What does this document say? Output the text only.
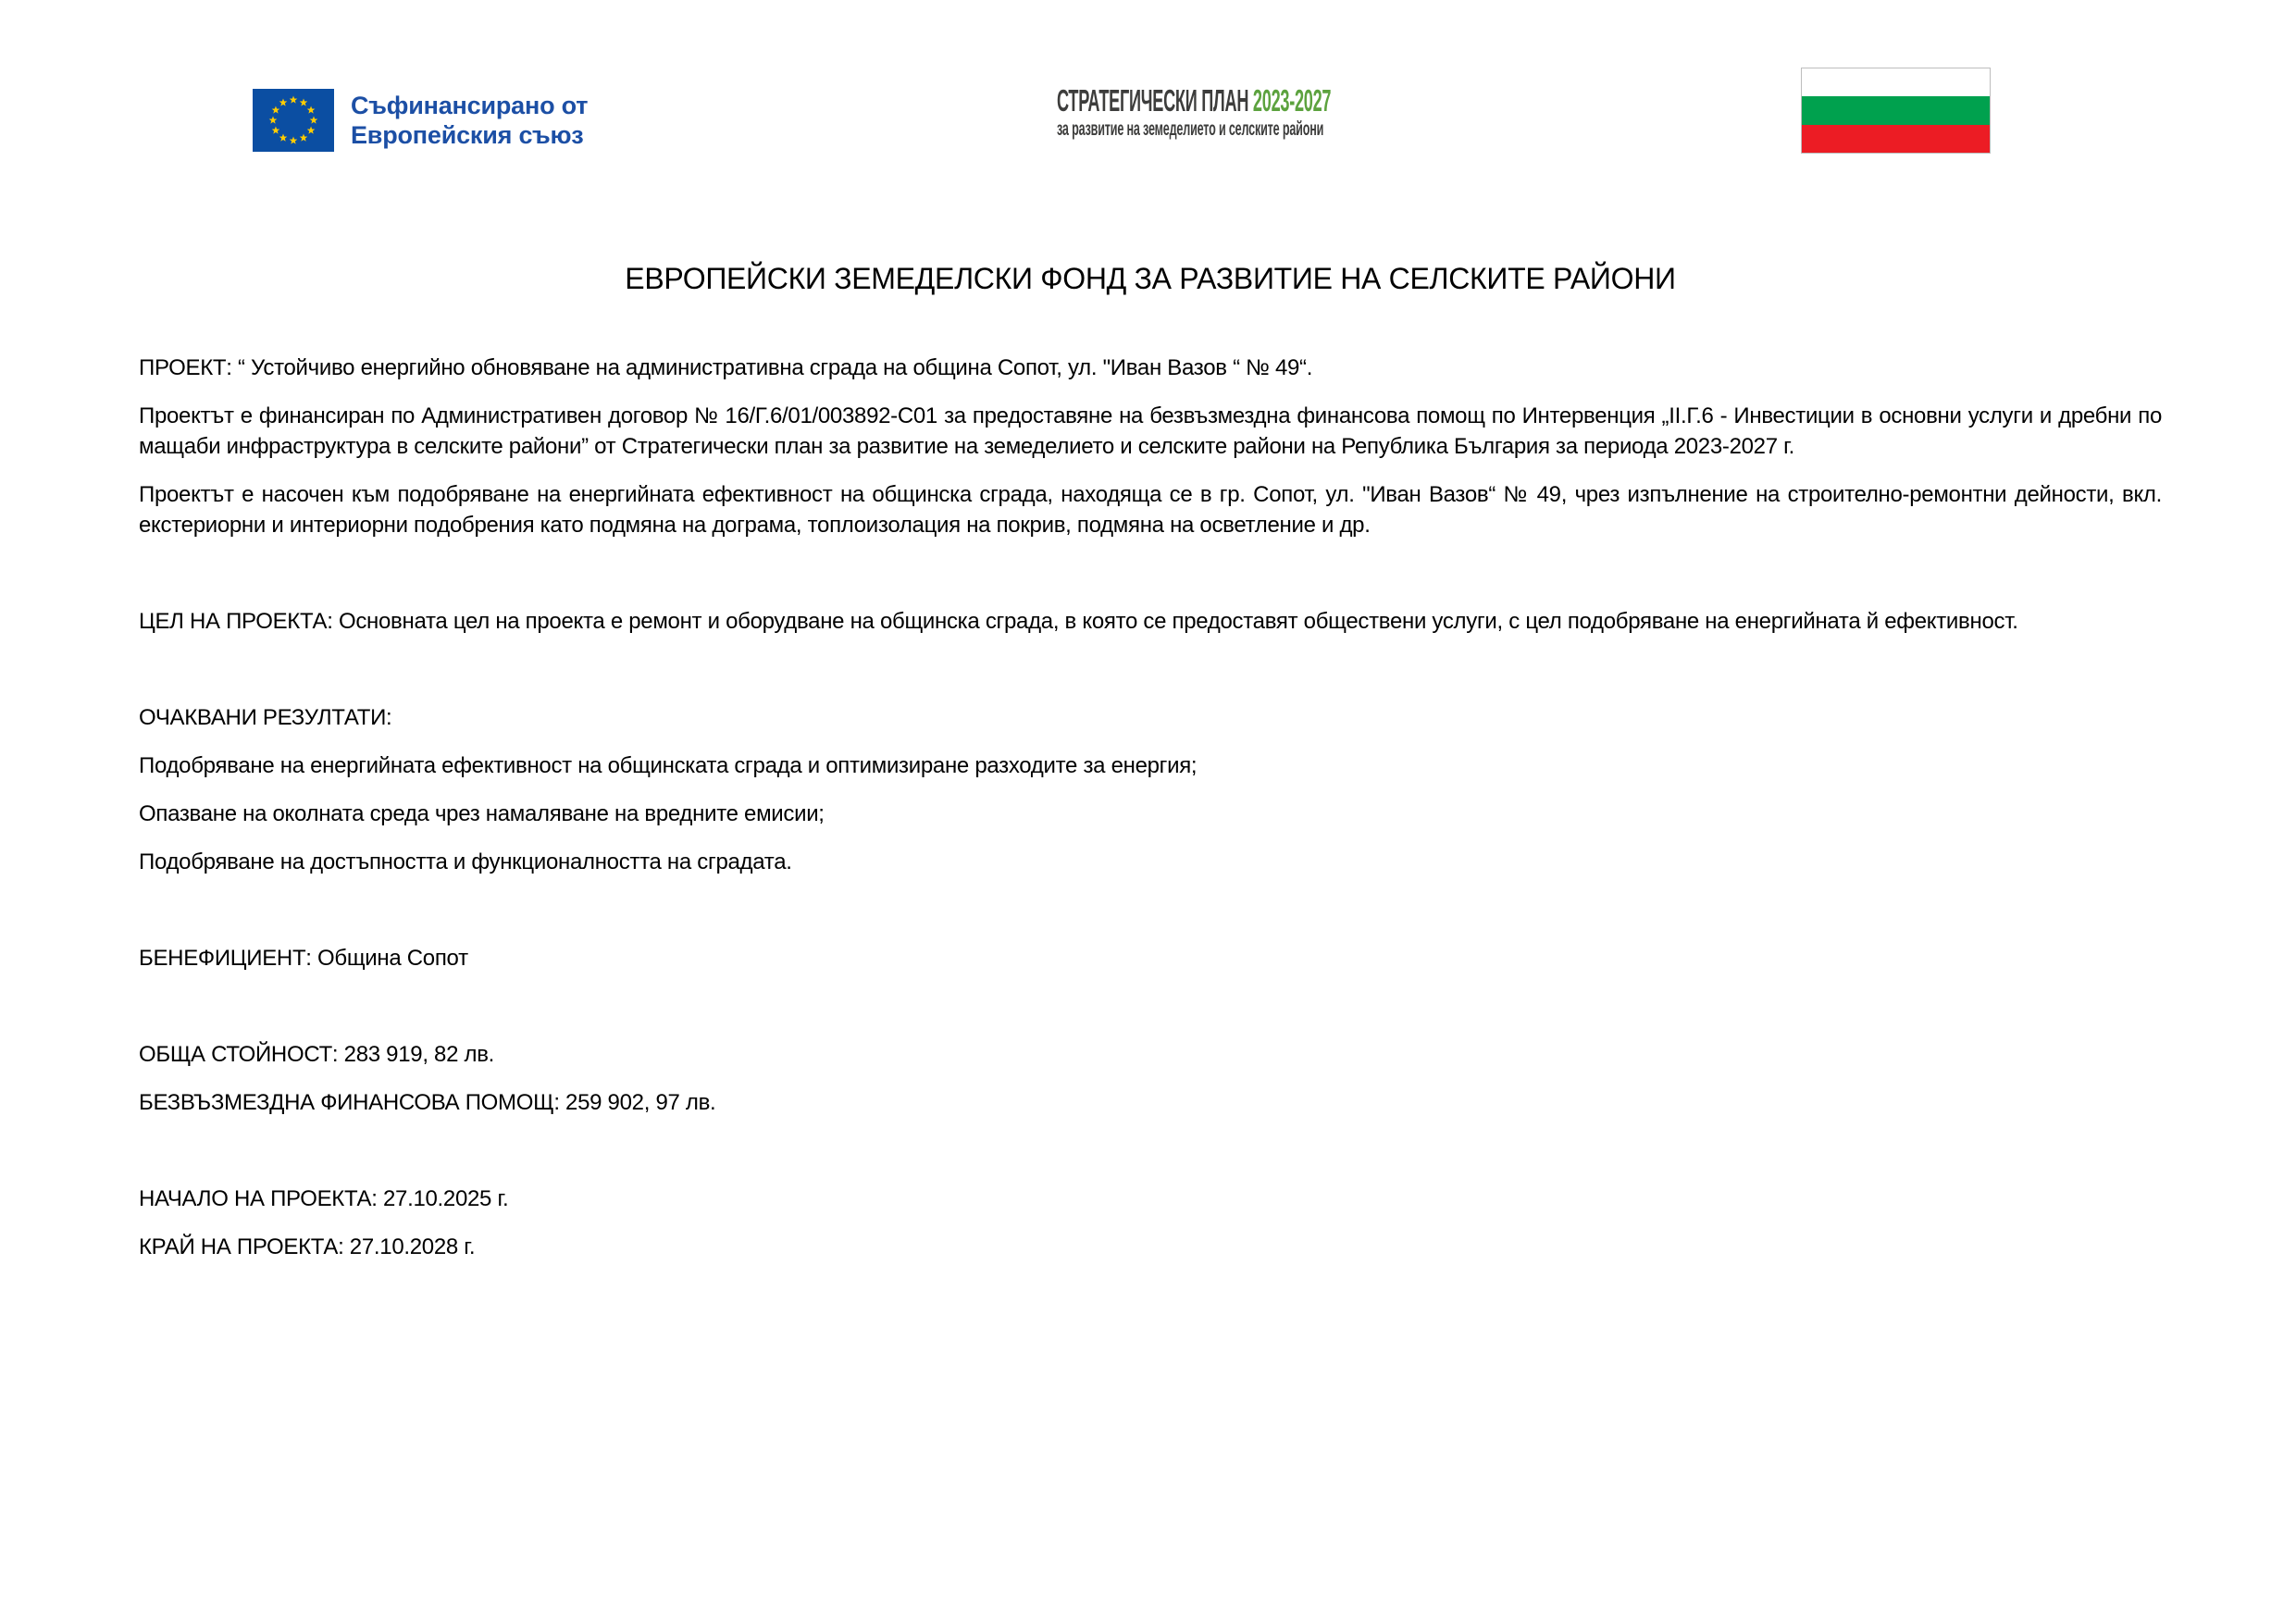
Съфинансирано от
Европейския съюз
СТРАТЕГИЧЕСКИ ПЛАН 2023-2027
за развитие на земеделието и селските райони
ЕВРОПЕЙСКИ ЗЕМЕДЕЛСКИ ФОНД ЗА РАЗВИТИЕ НА СЕЛСКИТЕ РАЙОНИ

ПРОЕКТ: “ Устойчиво енергийно обновяване на административна сграда на община Сопот, ул. "Иван Вазов “ № 49“.

Проектът е финансиран по Административен договор № 16/Г.6/01/003892-С01 за предоставяне на безвъзмездна финансова помощ по Интервенция „II.Г.6 - Инвестиции в основни услуги и дребни по мащаби инфраструктура в селските райони” от Стратегически план за развитие на земеделието и селските райони на Република България за периода 2023-2027 г.

Проектът е насочен към подобряване на енергийната ефективност на общинска сграда, находяща се в гр. Сопот, ул. "Иван Вазов“ № 49, чрез изпълнение на строително-ремонтни дейности, вкл. екстериорни и интериорни подобрения като подмяна на дограма, топлоизолация на покрив, подмяна на осветление и др.

ЦЕЛ НА ПРОЕКТА: Основната цел на проекта е ремонт и оборудване на общинска сграда, в която се предоставят обществени услуги, с цел подобряване на енергийната й ефективност.

ОЧАКВАНИ РЕЗУЛТАТИ:

Подобряване на енергийната ефективност на общинската сграда и оптимизиране разходите за енергия;

Опазване на околната среда чрез намаляване на вредните емисии;

Подобряване на достъпността и функционалността на сградата.

БЕНЕФИЦИЕНТ: Община Сопот

ОБЩА СТОЙНОСТ: 283 919, 82 лв.

БЕЗВЪЗМЕЗДНА ФИНАНСОВА ПОМОЩ: 259 902, 97 лв.

НАЧАЛО НА ПРОЕКТА: 27.10.2025 г.

КРАЙ НА ПРОЕКТА: 27.10.2028 г.
